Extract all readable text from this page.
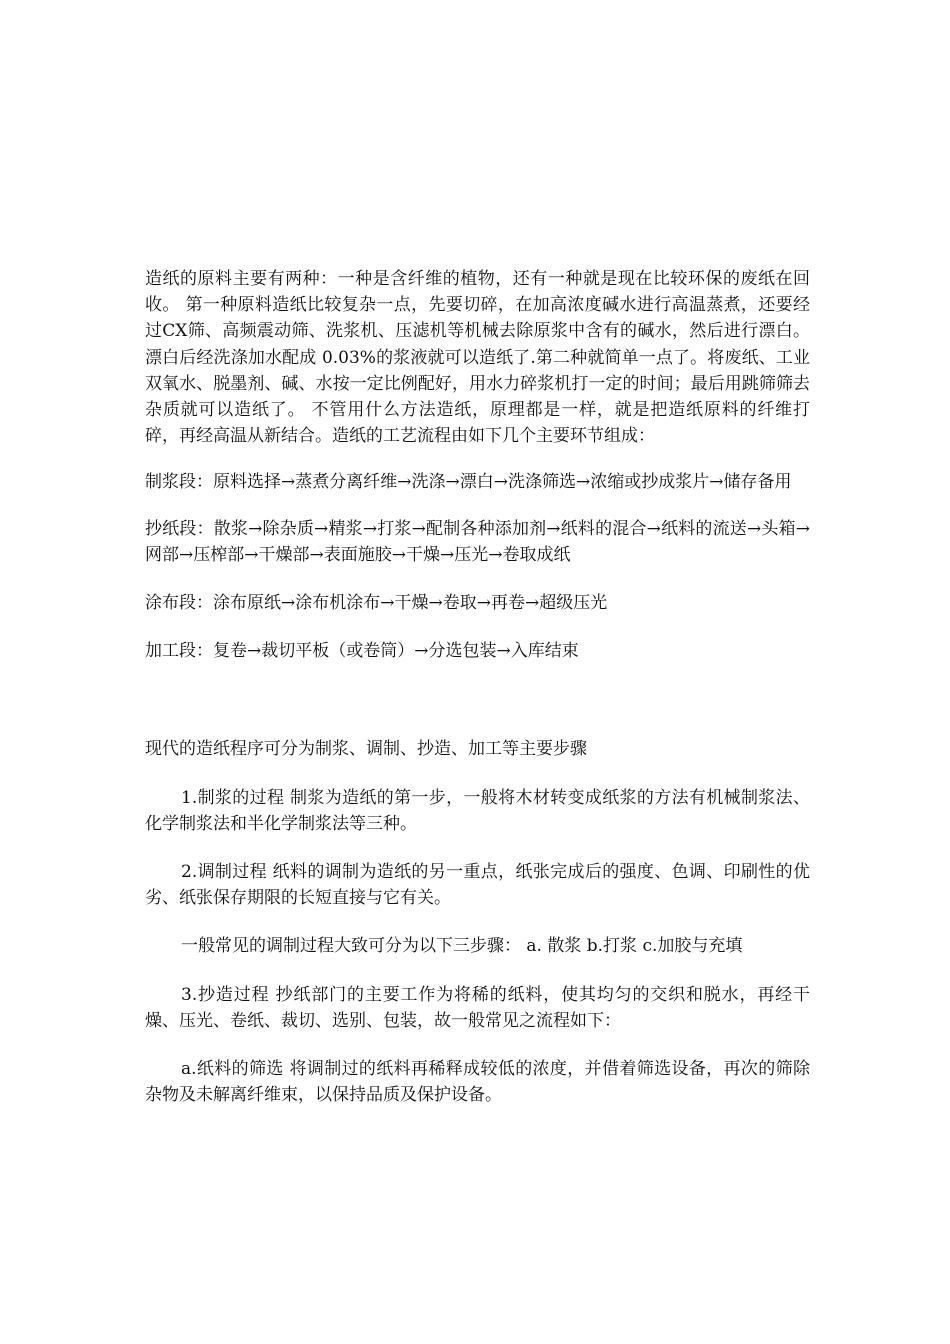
造纸的原料主要有两种：一种是含纤维的植物，还有一种就是现在比较环保的废纸在回收。 第一种原料造纸比较复杂一点，先要切碎，在加高浓度碱水进行高温蒸煮，还要经过CX筛、高频震动筛、洗浆机、压滤机等机械去除原浆中含有的碱水，然后进行漂白。漂白后经洗涤加水配成 0.03%的浆液就可以造纸了.第二种就简单一点了。将废纸、工业双氧水、脱墨剂、碱、水按一定比例配好，用水力碎浆机打一定的时间；最后用跳筛筛去杂质就可以造纸了。 不管用什么方法造纸，原理都是一样，就是把造纸原料的纤维打碎，再经高温从新结合。造纸的工艺流程由如下几个主要环节组成：

制浆段：原料选择→蒸煮分离纤维→洗涤→漂白→洗涤筛选→浓缩或抄成浆片→储存备用

抄纸段：散浆→除杂质→精浆→打浆→配制各种添加剂→纸料的混合→纸料的流送→头箱→网部→压榨部→干燥部→表面施胶→干燥→压光→卷取成纸

涂布段：涂布原纸→涂布机涂布→干燥→卷取→再卷→超级压光

加工段：复卷→裁切平板（或卷筒）→分选包装→入库结束

现代的造纸程序可分为制浆、调制、抄造、加工等主要步骤

1.制浆的过程 制浆为造纸的第一步，一般将木材转变成纸浆的方法有机械制浆法、化学制浆法和半化学制浆法等三种。

2.调制过程 纸料的调制为造纸的另一重点，纸张完成后的强度、色调、印刷性的优劣、纸张保存期限的长短直接与它有关。

一般常见的调制过程大致可分为以下三步骤： a. 散浆 b.打浆 c.加胶与充填

3.抄造过程 抄纸部门的主要工作为将稀的纸料，使其均匀的交织和脱水，再经干燥、压光、卷纸、裁切、选别、包装，故一般常见之流程如下：

a.纸料的筛选 将调制过的纸料再稀释成较低的浓度，并借着筛选设备，再次的筛除杂物及未解离纤维束，以保持品质及保护设备。
